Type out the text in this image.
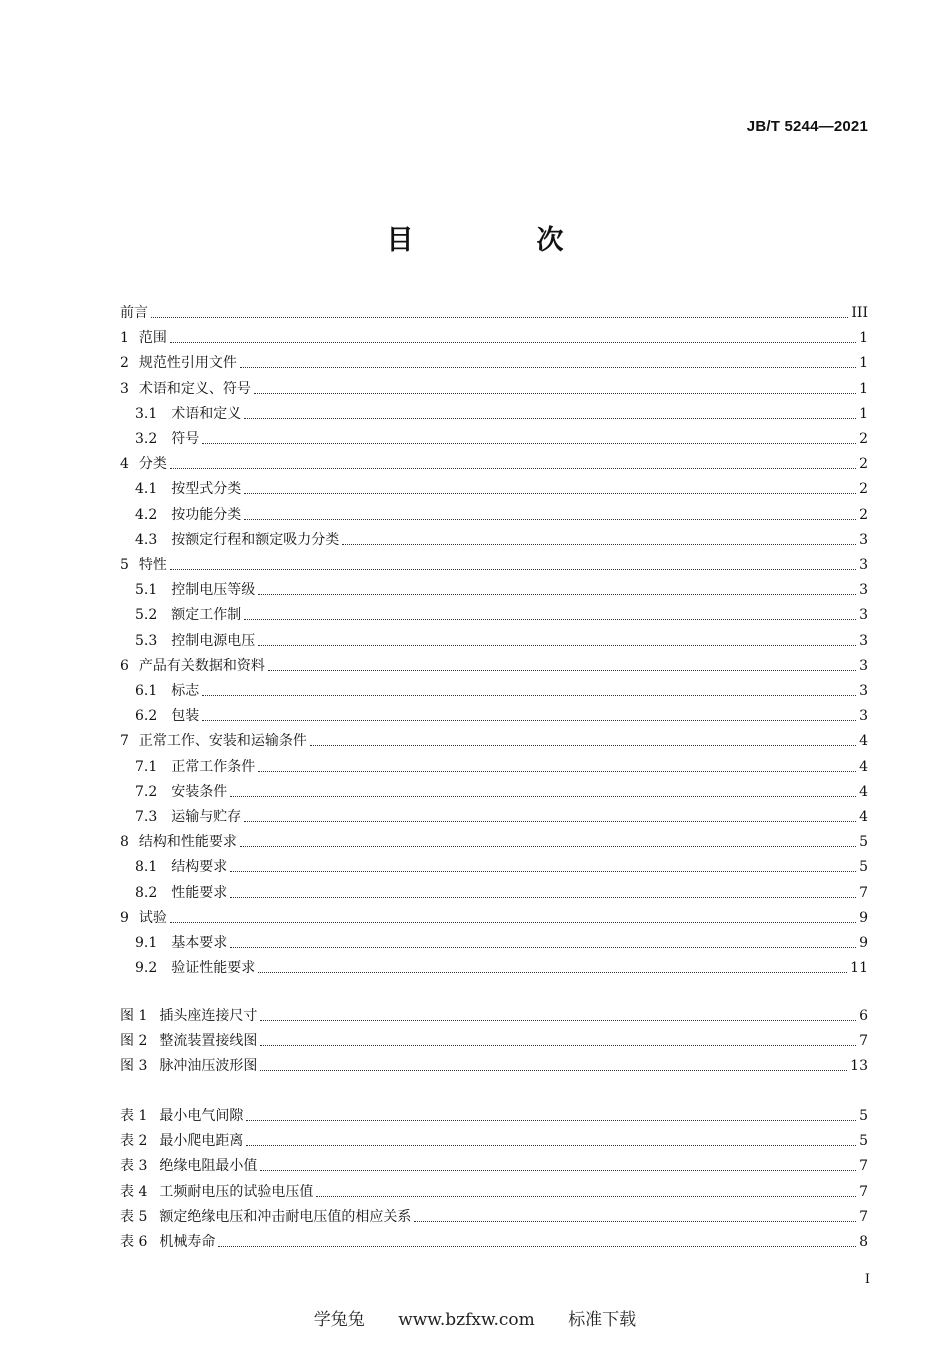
JB/T 5244—2021
目　次
前言	III
1 范围	1
2 规范性引用文件	1
3 术语和定义、符号	1
3.1 术语和定义	1
3.2 符号	2
4 分类	2
4.1 按型式分类	2
4.2 按功能分类	2
4.3 按额定行程和额定吸力分类	3
5 特性	3
5.1 控制电压等级	3
5.2 额定工作制	3
5.3 控制电源电压	3
6 产品有关数据和资料	3
6.1 标志	3
6.2 包装	3
7 正常工作、安装和运输条件	4
7.1 正常工作条件	4
7.2 安装条件	4
7.3 运输与贮存	4
8 结构和性能要求	5
8.1 结构要求	5
8.2 性能要求	7
9 试验	9
9.1 基本要求	9
9.2 验证性能要求	11
图 1 插头座连接尺寸	6
图 2 整流装置接线图	7
图 3 脉冲油压波形图	13
表 1 最小电气间隙	5
表 2 最小爬电距离	5
表 3 绝缘电阻最小值	7
表 4 工频耐电压的试验电压值	7
表 5 额定绝缘电压和冲击耐电压值的相应关系	7
表 6 机械寿命	8
I
学兔兔 www.bzfxw.com 标准下载
